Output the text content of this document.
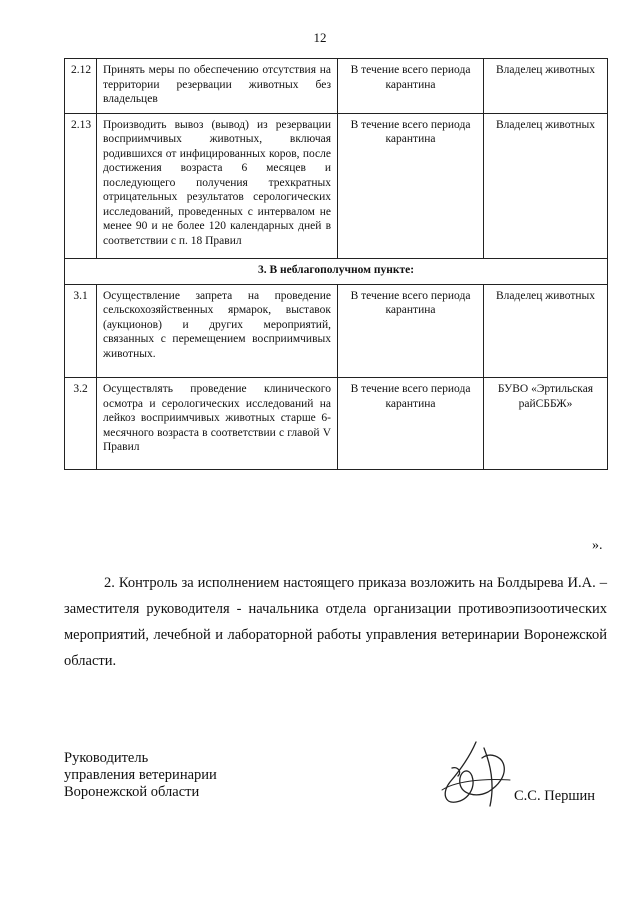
12
2.12	Принять меры по обеспечению отсутствия на территории резервации животных без владельцев	В течение всего периода карантина	Владелец животных
2.13	Производить вывоз (вывод) из резервации восприимчивых животных, включая родившихся от инфицированных коров, после достижения возраста 6 месяцев и последующего получения трехкратных отрицательных результатов серологических исследований, проведенных с интервалом не менее 90 и не более 120 календарных дней в соответствии с п. 18 Правил	В течение всего периода карантина	Владелец животных
3. В неблагополучном пункте:			
3.1	Осуществление запрета на проведение сельскохозяйственных ярмарок, выставок (аукционов) и других мероприятий, связанных с перемещением восприимчивых животных.	В течение всего периода карантина	Владелец животных
3.2	Осуществлять проведение клинического осмотра и серологических исследований на лейкоз восприимчивых животных старше 6-месячного возраста в соответствии с главой V Правил	В течение всего периода карантина	БУВО «Эртильская райСББЖ»
».
2. Контроль за исполнением настоящего приказа возложить на Болдырева И.А. – заместителя руководителя - начальника отдела организации противоэпизоотических мероприятий, лечебной и лабораторной работы управления ветеринарии Воронежской области.
Руководитель
управления ветеринарии
Воронежской области	С.С. Першин
